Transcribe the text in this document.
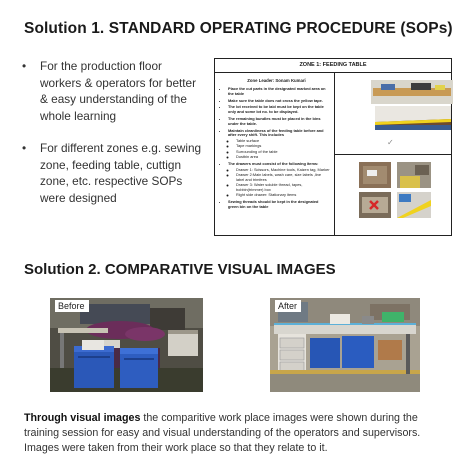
Solution 1. STANDARD OPERATING PROCEDURE (SOPs)
• For the production floor workers & operators for better & easy understanding of the whole learning
• For different zones e.g. sewing zone, feeding table, cuttign zone, etc. respective SOPs were designed
ZONE 1: FEEDING TABLE
Zone Leader: Sonam Kumari
• Place the cut parts in the designated marked area on the table
• Make sure the table does not cross the yellow tape.
• The lot received to be laid must be kept on the table only and some lot no. to be displayed.
• The remaining bundles must be placed in the bins under the table.
• Maintain cleanliness of the feeding table before and after every shift. This includes
◦ Table surface
◦ Tape markings
◦ Surrounding of the table
◦ Dustbin area
• The drawers must consist of the following items:
◦ Drawer 1: Scissors, Machine tools, Kaizen tag, Marker
◦ Drawer 2:Main labels, wash care, size labels ,line label and trimfees
◦ Drawer 3: Water soluble thread, tapes, bobbin(trimmer) box
◦ Right side drawer: Stationary items
• Sewing threads should be kept in the designated green bin on the table
✓
Solution 2. COMPARATIVE VISUAL IMAGES
Before	After

Through visual images the comparitive work place images were shown during the training session for easy and visual understanding of the operators and supervisors. Images were taken from their work place so that they relate to it.
